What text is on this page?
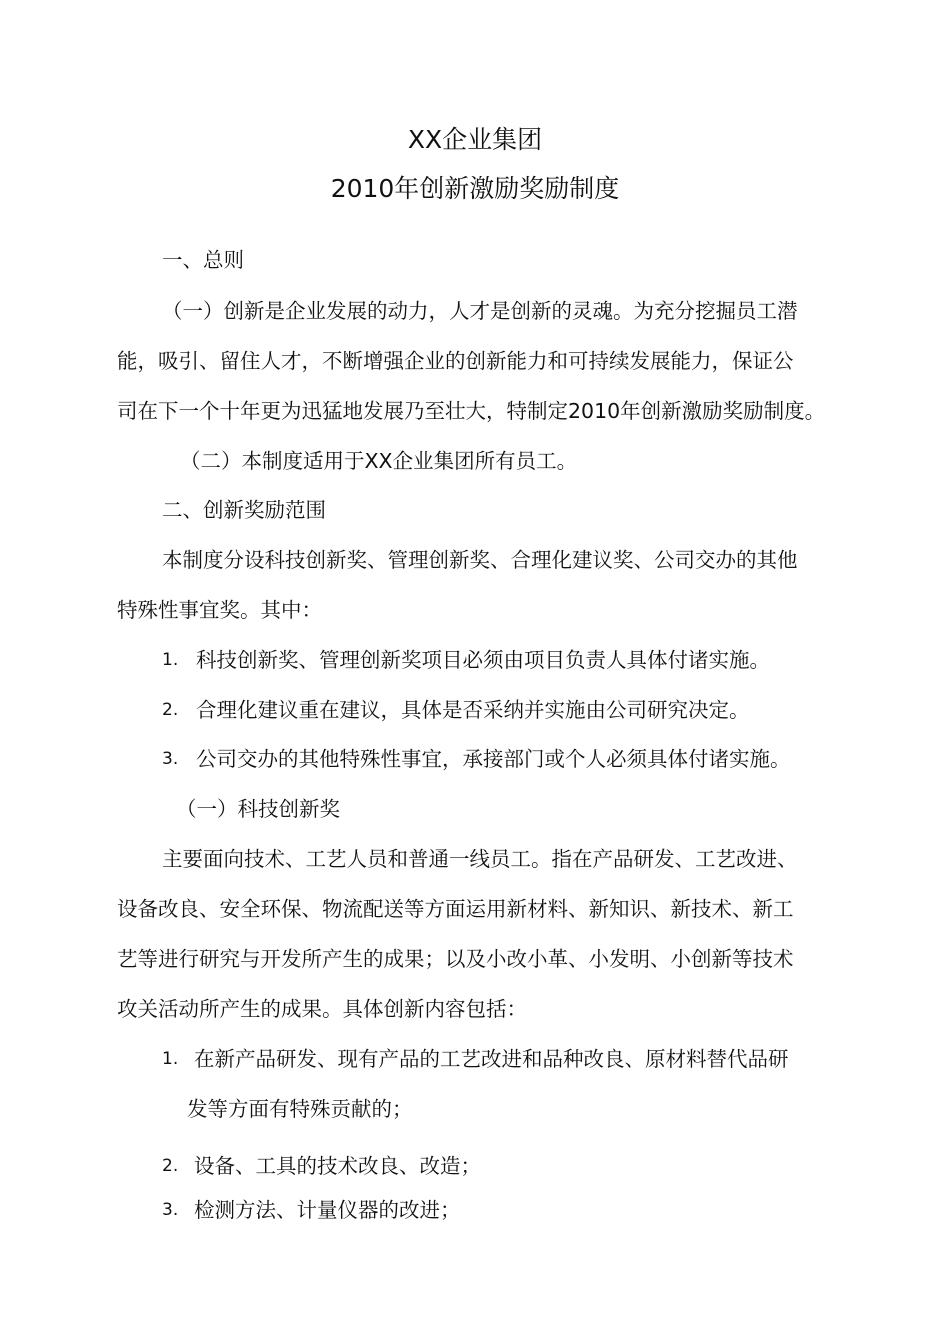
XX企业集团
2010年创新激励奖励制度
一、总则
（一）创新是企业发展的动力，人才是创新的灵魂。为充分挖掘员工潜
能，吸引、留住人才，不断增强企业的创新能力和可持续发展能力，保证公
司在下一个十年更为迅猛地发展乃至壮大，特制定2010年创新激励奖励制度。
（二）本制度适用于XX企业集团所有员工。
二、创新奖励范围
本制度分设科技创新奖、管理创新奖、合理化建议奖、公司交办的其他
特殊性事宜奖。其中：
1. 科技创新奖、管理创新奖项目必须由项目负责人具体付诸实施。
2. 合理化建议重在建议，具体是否采纳并实施由公司研究决定。
3. 公司交办的其他特殊性事宜，承接部门或个人必须具体付诸实施。
（一）科技创新奖
主要面向技术、工艺人员和普通一线员工。指在产品研发、工艺改进、
设备改良、安全环保、物流配送等方面运用新材料、新知识、新技术、新工
艺等进行研究与开发所产生的成果；以及小改小革、小发明、小创新等技术
攻关活动所产生的成果。具体创新内容包括：
1. 在新产品研发、现有产品的工艺改进和品种改良、原材料替代品研
发等方面有特殊贡献的；
2. 设备、工具的技术改良、改造；
3. 检测方法、计量仪器的改进；
